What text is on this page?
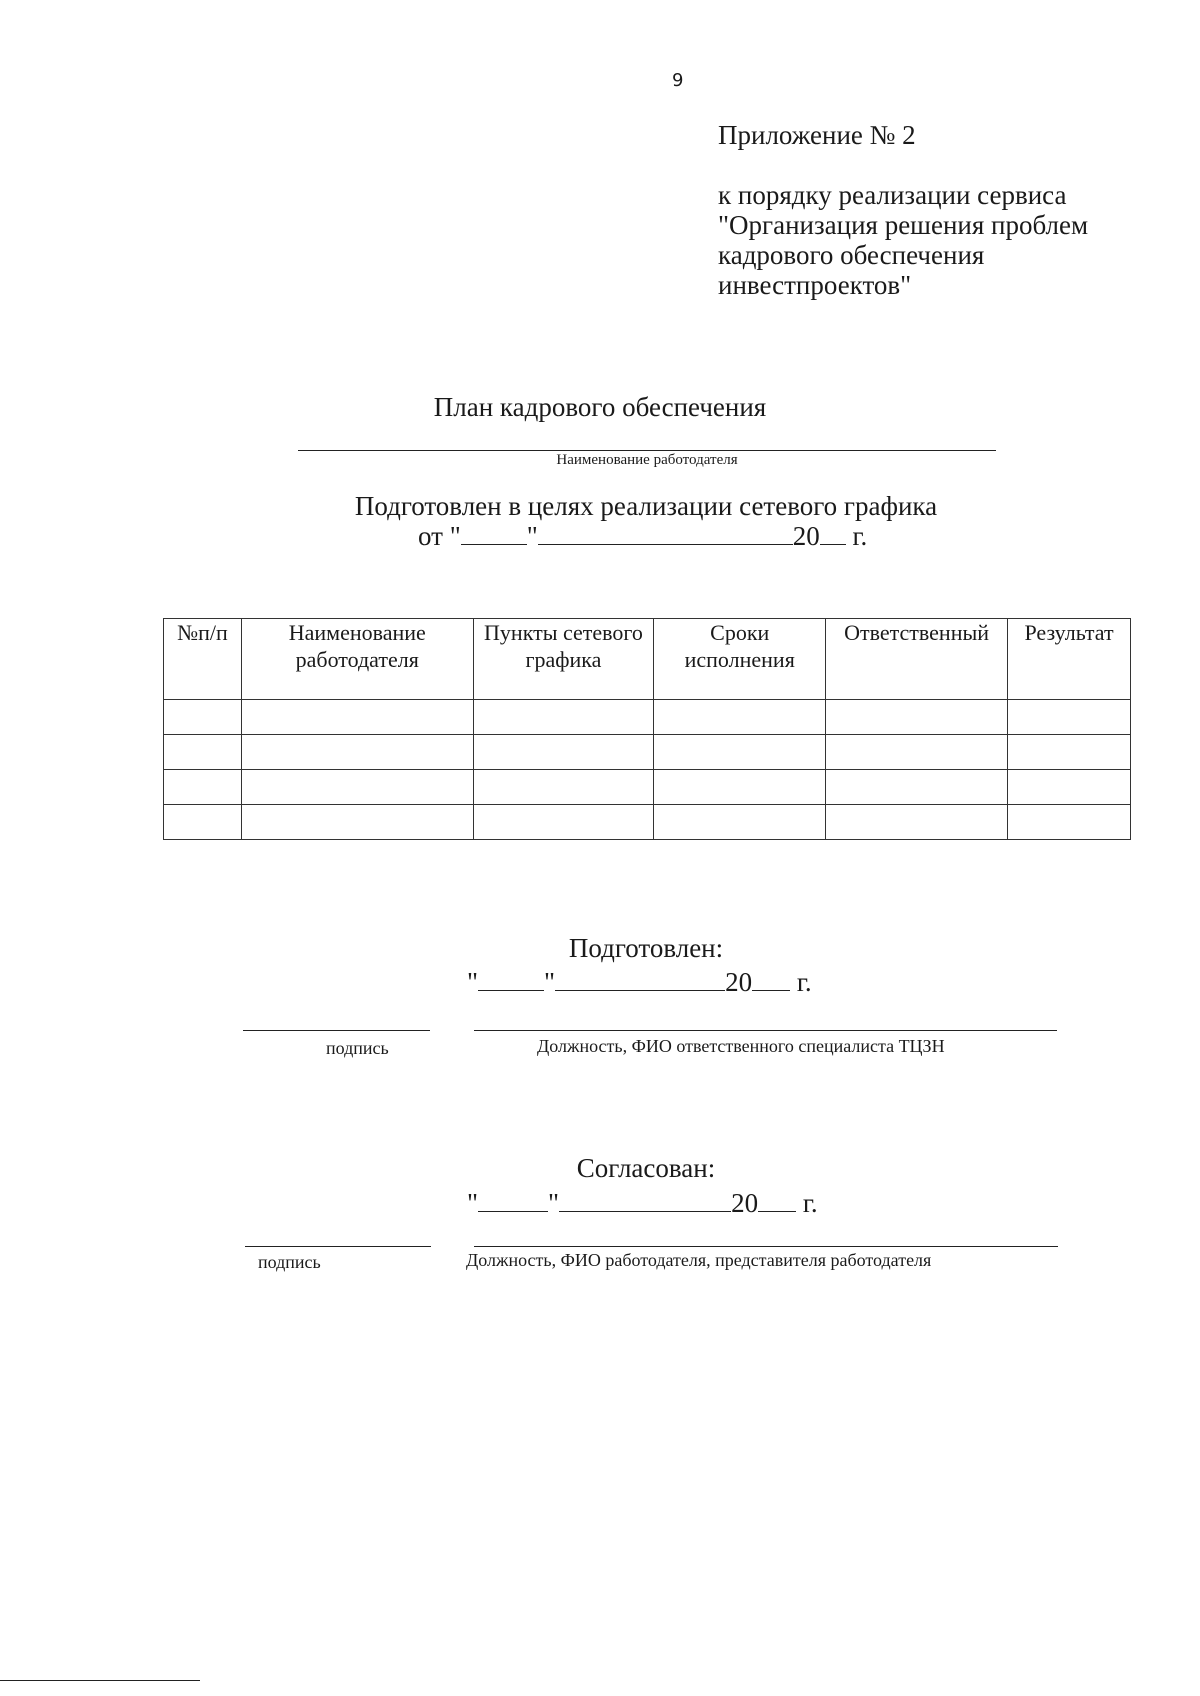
9
Приложение № 2
к порядку реализации сервиса
"Организация решения проблем
кадрового обеспечения
инвестпроектов"
План кадрового обеспечения
Наименование работодателя
Подготовлен в целях реализации сетевого графика
от " "	20 г.
№п/п	Наименование работодателя	Пункты сетевого графика	Сроки исполнения	Ответственный	Результат

Подготовлен:
" "	20 г.
подпись	Должность, ФИО ответственного специалиста ТЦЗН
Согласован:
"	"	20 г.
подпись	Должность, ФИО работодателя, представителя работодателя
